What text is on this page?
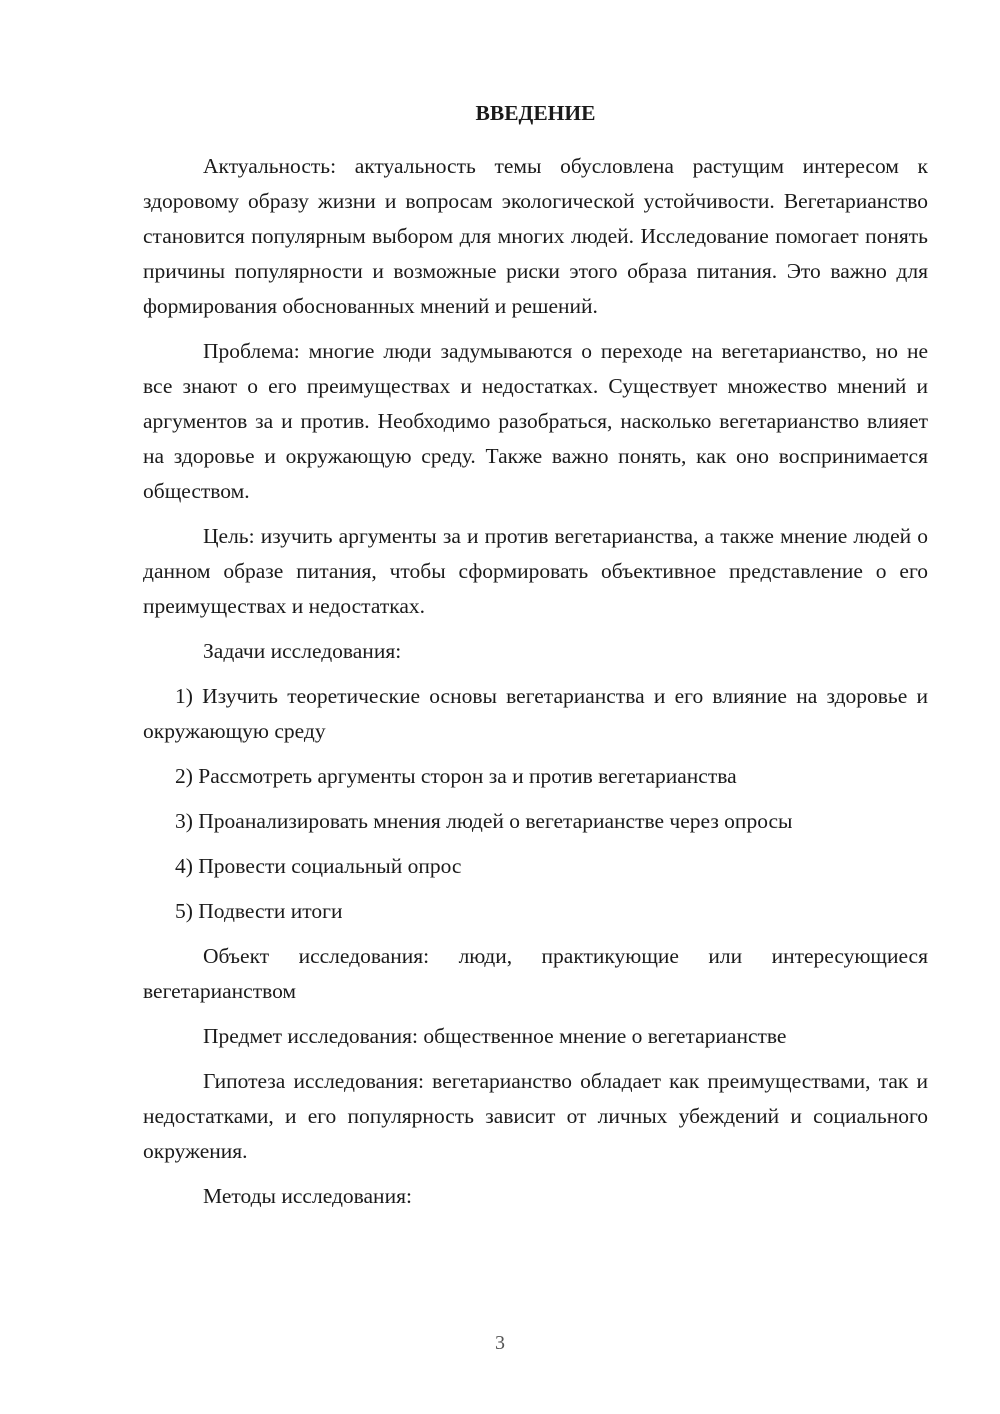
ВВЕДЕНИЕ

Актуальность: актуальность темы обусловлена растущим интересом к здоровому образу жизни и вопросам экологической устойчивости. Вегетарианство становится популярным выбором для многих людей. Исследование помогает понять причины популярности и возможные риски этого образа питания. Это важно для формирования обоснованных мнений и решений.

Проблема: многие люди задумываются о переходе на вегетарианство, но не все знают о его преимуществах и недостатках. Существует множество мнений и аргументов за и против. Необходимо разобраться, насколько вегетарианство влияет на здоровье и окружающую среду. Также важно понять, как оно воспринимается обществом.

Цель: изучить аргументы за и против вегетарианства, а также мнение людей о данном образе питания, чтобы сформировать объективное представление о его преимуществах и недостатках.

Задачи исследования:

1) Изучить теоретические основы вегетарианства и его влияние на здоровье и окружающую среду

2) Рассмотреть аргументы сторон за и против вегетарианства

3) Проанализировать мнения людей о вегетарианстве через опросы

4) Провести социальный опрос

5) Подвести итоги

Объект исследования: люди, практикующие или интересующиеся вегетарианством

Предмет исследования: общественное мнение о вегетарианстве

Гипотеза исследования: вегетарианство обладает как преимуществами, так и недостатками, и его популярность зависит от личных убеждений и социального окружения.

Методы исследования:

3
